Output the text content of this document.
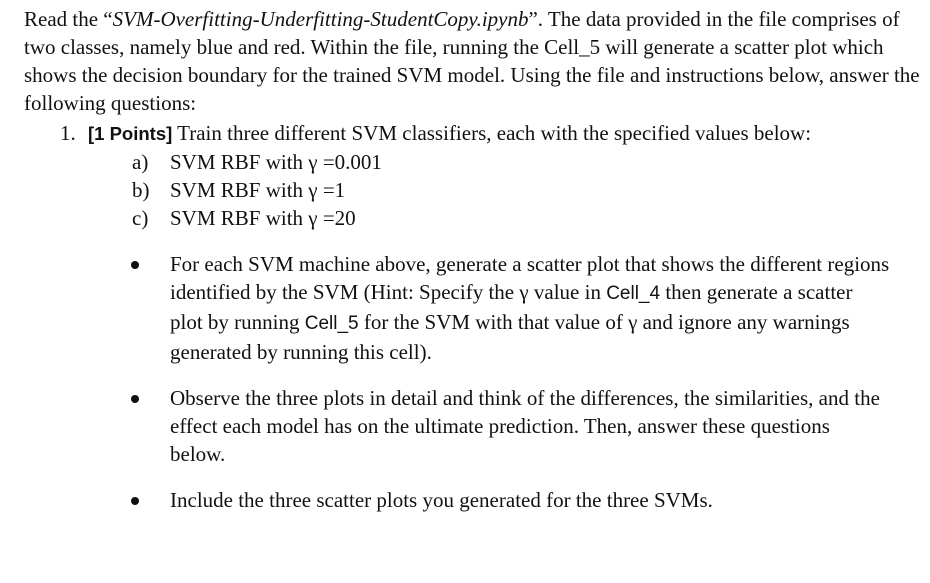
Read the “SVM-Overfitting-Underfitting-StudentCopy.ipynb”. The data provided in the file comprises of two classes, namely blue and red. Within the file, running the Cell_5 will generate a scatter plot which shows the decision boundary for the trained SVM model. Using the file and instructions below, answer the following questions:

1. [1 Points] Train three different SVM classifiers, each with the specified values below:
a) SVM RBF with γ =0.001
b) SVM RBF with γ =1
c) SVM RBF with γ =20
For each SVM machine above, generate a scatter plot that shows the different regions identified by the SVM (Hint: Specify the γ value in Cell_4 then generate a scatter plot by running Cell_5 for the SVM with that value of γ and ignore any warnings generated by running this cell).
Observe the three plots in detail and think of the differences, the similarities, and the effect each model has on the ultimate prediction. Then, answer these questions below.
Include the three scatter plots you generated for the three SVMs.
